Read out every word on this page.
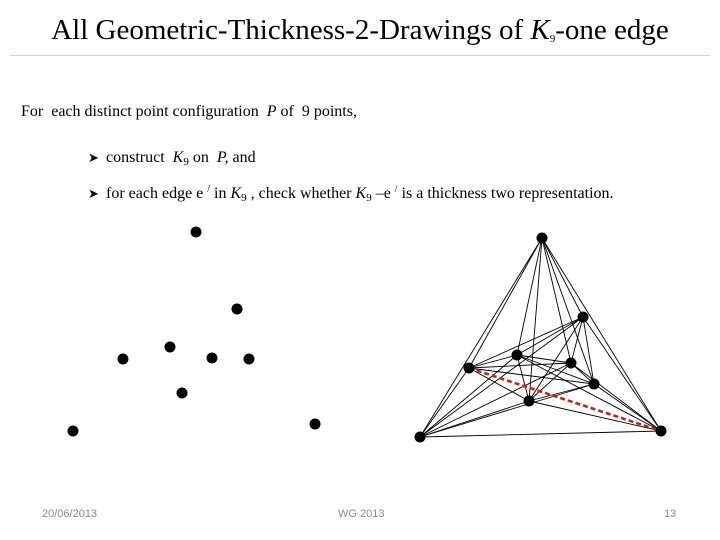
All Geometric-Thickness-2-Drawings of $K_9$-one edge
For  each distinct point configuration  P of  9 points,
➤ construct  $K_9$ on  P, and
➤ for each edge e / in $K_9$ , check whether $K_9$ –e / is a thickness two representation.
20/06/2013	WG 2013	13
